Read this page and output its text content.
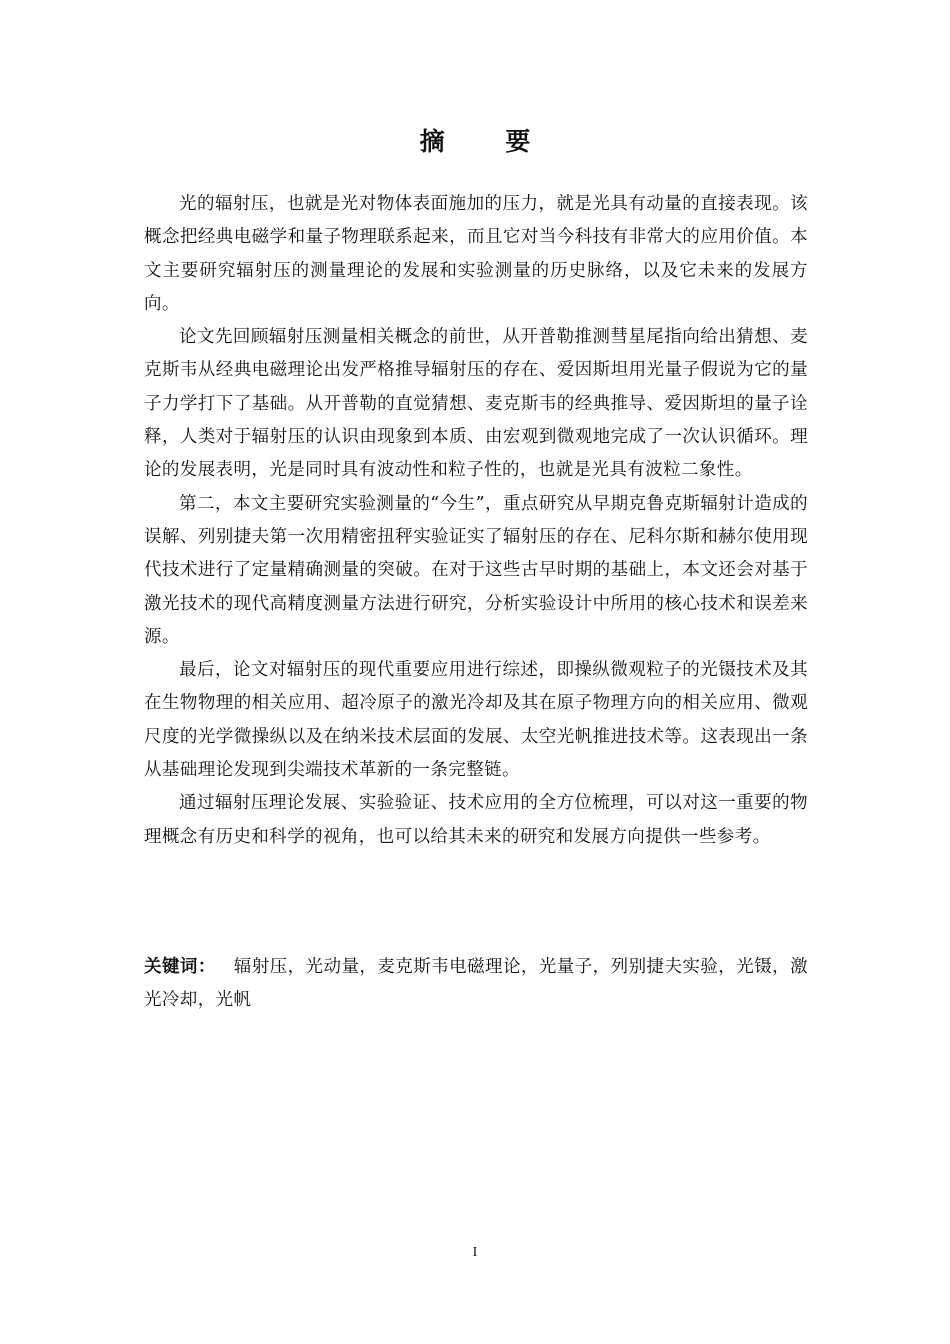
摘 要

光的辐射压，也就是光对物体表面施加的压力，就是光具有动量的直接表现。该概念把经典电磁学和量子物理联系起来，而且它对当今科技有非常大的应用价值。本文主要研究辐射压的测量理论的发展和实验测量的历史脉络，以及它未来的发展方向。

论文先回顾辐射压测量相关概念的前世，从开普勒推测彗星尾指向给出猜想、麦克斯韦从经典电磁理论出发严格推导辐射压的存在、爱因斯坦用光量子假说为它的量子力学打下了基础。从开普勒的直觉猜想、麦克斯韦的经典推导、爱因斯坦的量子诠释，人类对于辐射压的认识由现象到本质、由宏观到微观地完成了一次认识循环。理论的发展表明，光是同时具有波动性和粒子性的，也就是光具有波粒二象性。

第二，本文主要研究实验测量的“今生”，重点研究从早期克鲁克斯辐射计造成的误解、列别捷夫第一次用精密扭秤实验证实了辐射压的存在、尼科尔斯和赫尔使用现代技术进行了定量精确测量的突破。在对于这些古早时期的基础上，本文还会对基于激光技术的现代高精度测量方法进行研究，分析实验设计中所用的核心技术和误差来源。

最后，论文对辐射压的现代重要应用进行综述，即操纵微观粒子的光镊技术及其在生物物理的相关应用、超冷原子的激光冷却及其在原子物理方向的相关应用、微观尺度的光学微操纵以及在纳米技术层面的发展、太空光帆推进技术等。这表现出一条从基础理论发现到尖端技术革新的一条完整链。

通过辐射压理论发展、实验验证、技术应用的全方位梳理，可以对这一重要的物理概念有历史和科学的视角，也可以给其未来的研究和发展方向提供一些参考。

关键词： 辐射压，光动量，麦克斯韦电磁理论，光量子，列别捷夫实验，光镊，激光冷却，光帆
I
